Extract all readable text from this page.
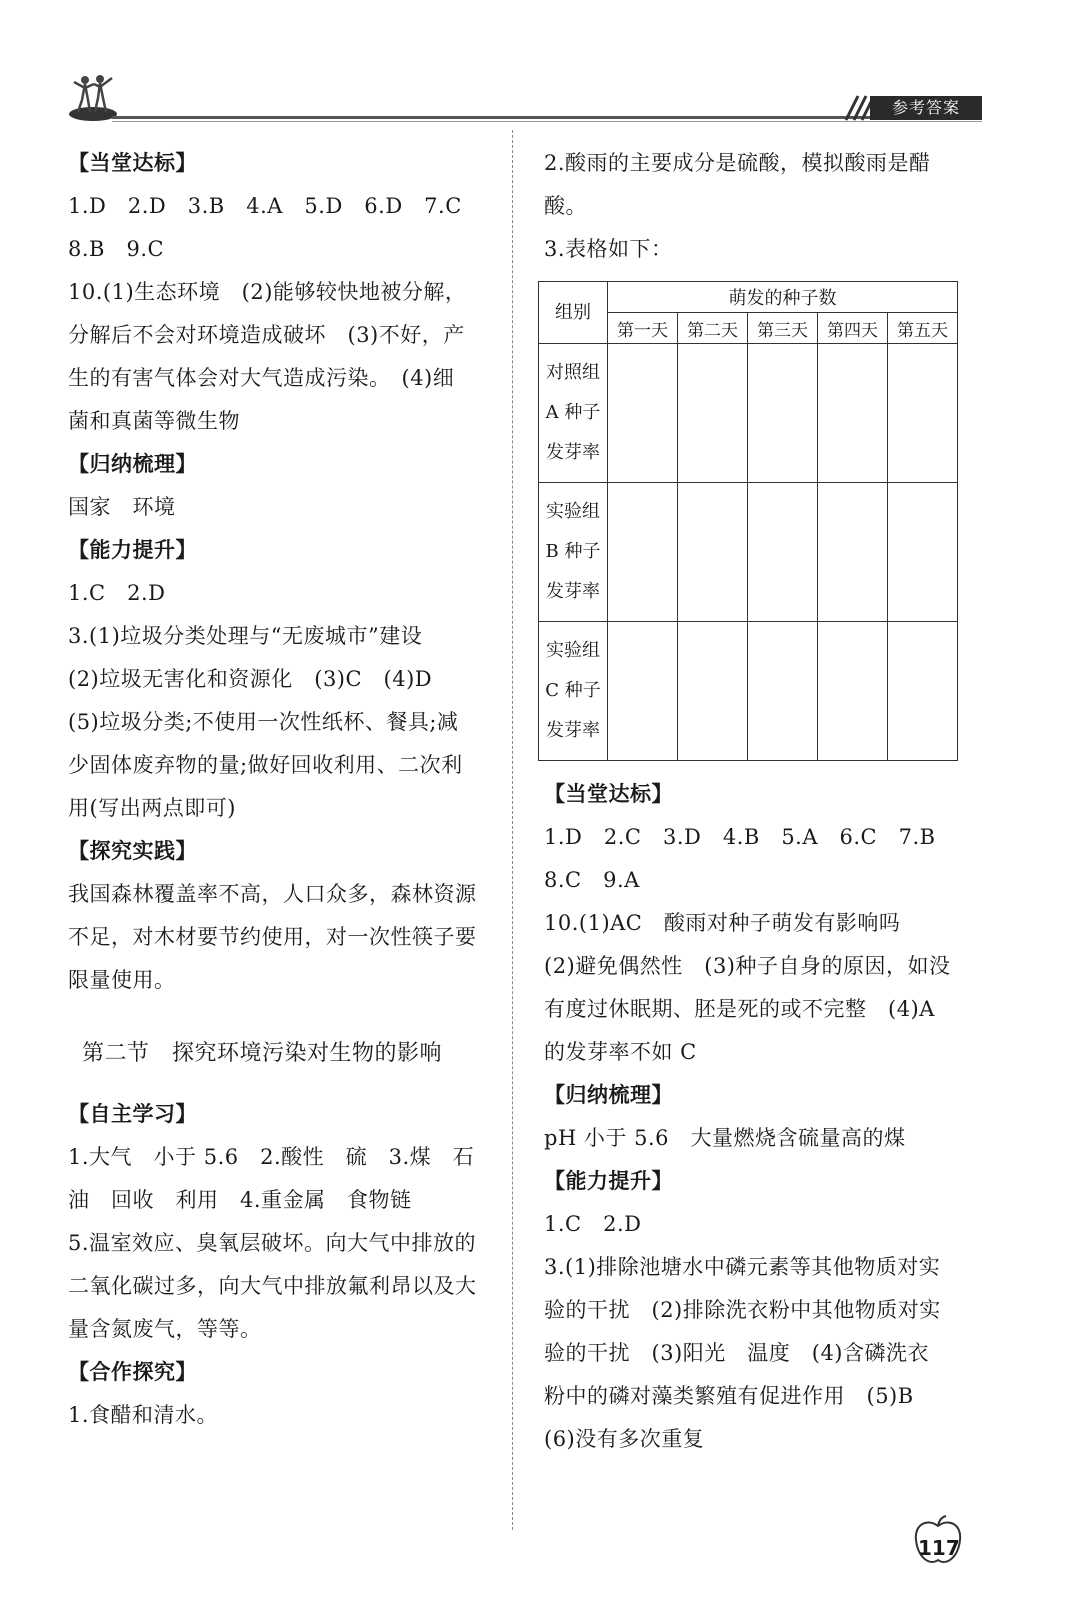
参考答案
【当堂达标】
1.D　2.D　3.B　4.A　5.D　6.D　7.C
8.B　9.C
10.(1)生态环境　(2)能够较快地被分解，
分解后不会对环境造成破坏　(3)不好，产
生的有害气体会对大气造成污染。　(4)细
菌和真菌等微生物
【归纳梳理】
国家　环境
【能力提升】
1.C　2.D
3.(1)垃圾分类处理与“无废城市”建设
(2)垃圾无害化和资源化　(3)C　(4)D
(5)垃圾分类;不使用一次性纸杯、餐具;减
少固体废弃物的量;做好回收利用、二次利
用(写出两点即可)
【探究实践】
我国森林覆盖率不高，人口众多，森林资源
不足，对木材要节约使用，对一次性筷子要
限量使用。
第二节　探究环境污染对生物的影响
【自主学习】
1.大气　小于 5.6　2.酸性　硫　3.煤　石
油　回收　利用　4.重金属　食物链
5.温室效应、臭氧层破坏。向大气中排放的
二氧化碳过多，向大气中排放氟利昂以及大
量含氮废气，等等。
【合作探究】
1.食醋和清水。
2.酸雨的主要成分是硫酸，模拟酸雨是醋
酸。
3.表格如下：
组别	萌发的种子数				
	第一天	第二天	第三天	第四天	第五天

对照组
A 种子
发芽率					

实验组
B 种子
发芽率					

实验组
C 种子
发芽率					

【当堂达标】
1.D　2.C　3.D　4.B　5.A　6.C　7.B
8.C　9.A
10.(1)AC　酸雨对种子萌发有影响吗
(2)避免偶然性　(3)种子自身的原因，如没
有度过休眠期、胚是死的或不完整　(4)A
的发芽率不如 C
【归纳梳理】
pH 小于 5.6　大量燃烧含硫量高的煤
【能力提升】
1.C　2.D
3.(1)排除池塘水中磷元素等其他物质对实
验的干扰　(2)排除洗衣粉中其他物质对实
验的干扰　(3)阳光　温度　(4)含磷洗衣
粉中的磷对藻类繁殖有促进作用　(5)B
(6)没有多次重复
117
